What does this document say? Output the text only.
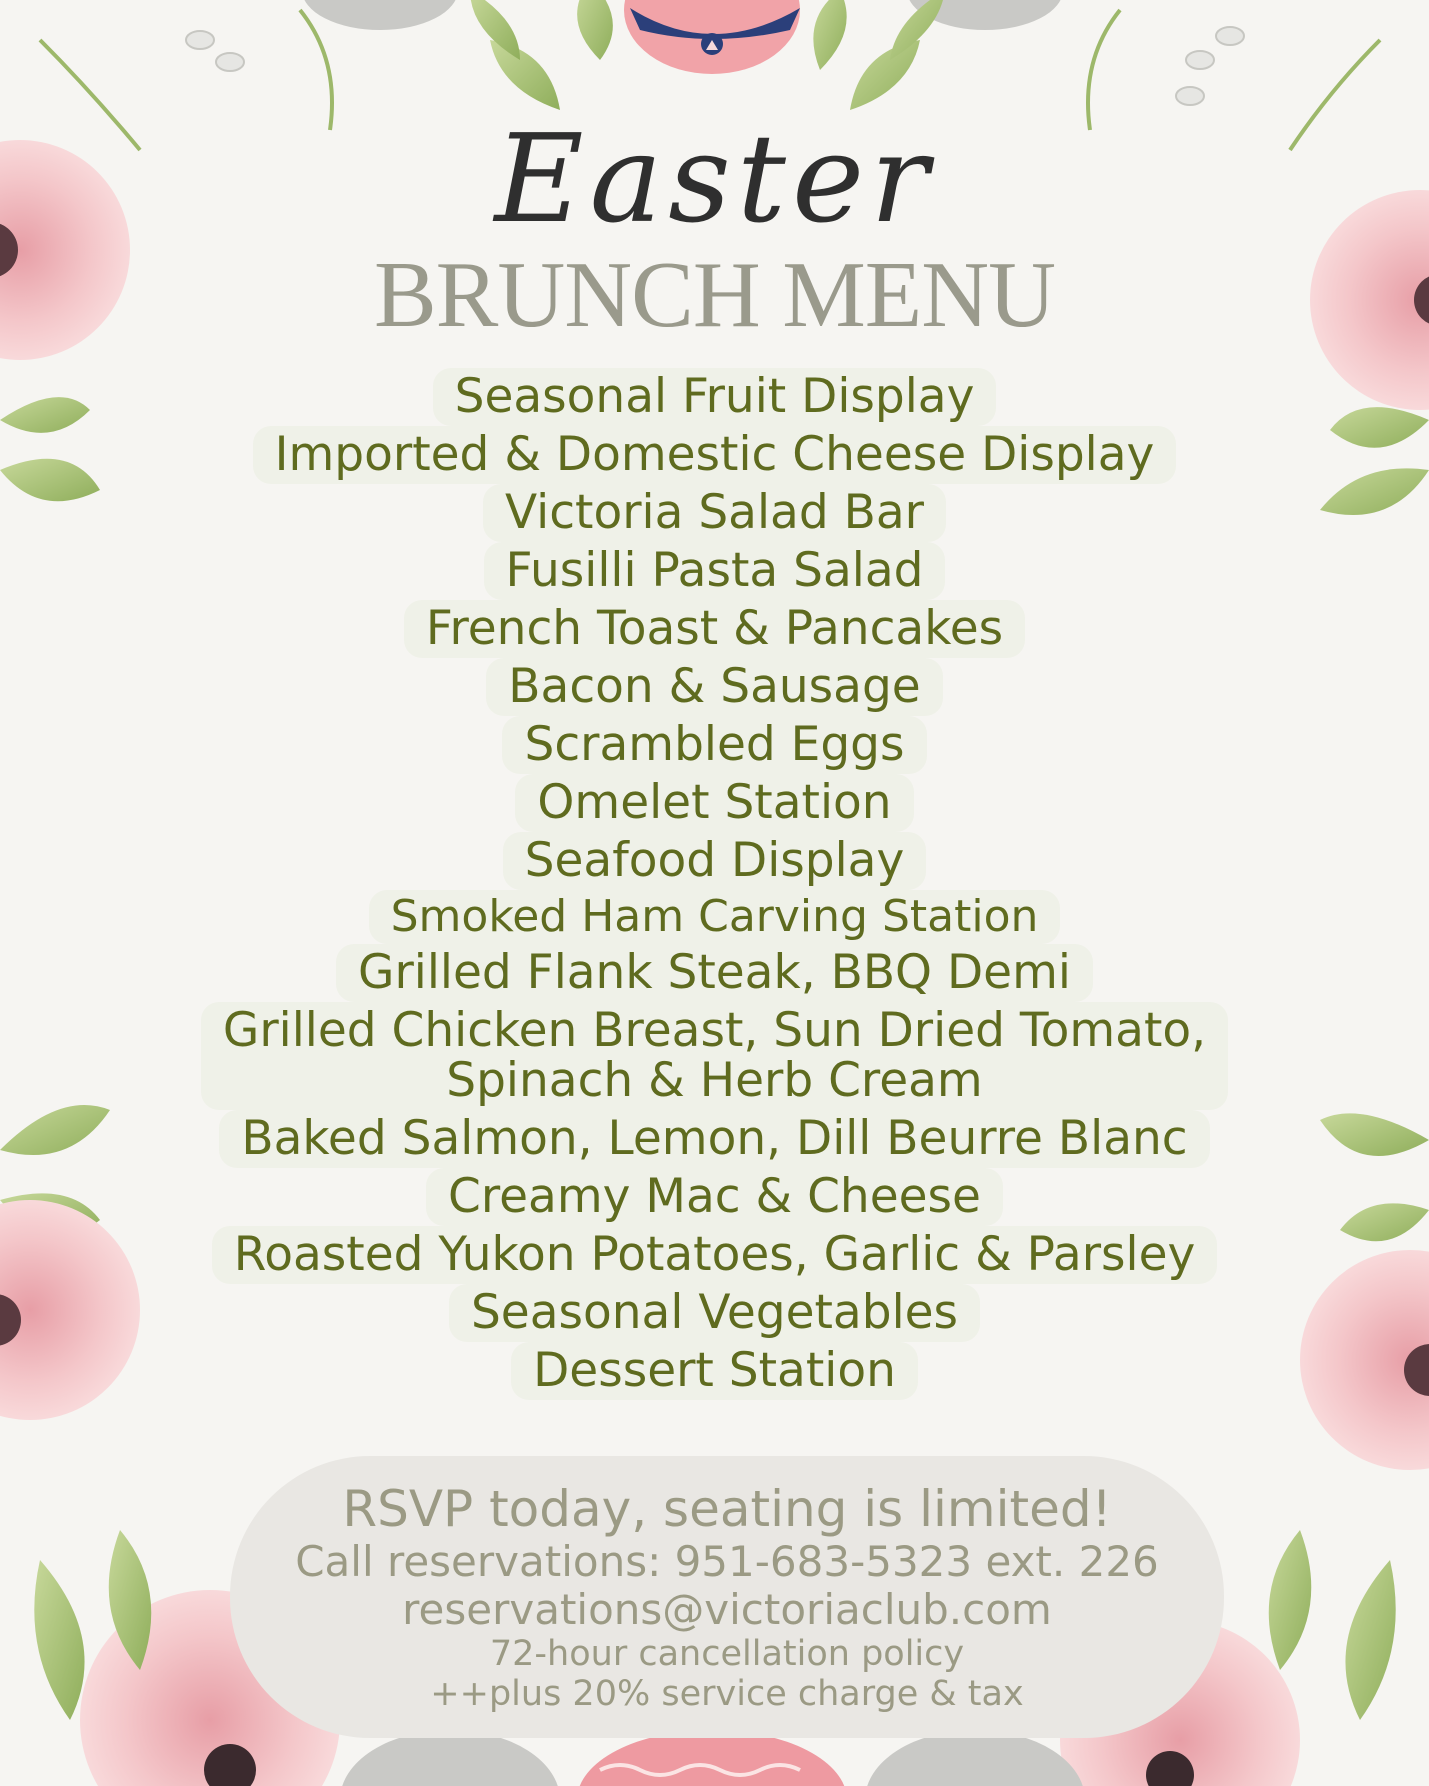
Easter
BRUNCH MENU
Seasonal Fruit Display
Imported & Domestic Cheese Display
Victoria Salad Bar
Fusilli Pasta Salad
French Toast & Pancakes
Bacon & Sausage
Scrambled Eggs
Omelet Station
Seafood Display
Smoked Ham Carving Station
Grilled Flank Steak, BBQ Demi
Grilled Chicken Breast, Sun Dried Tomato,
Spinach & Herb Cream
Baked Salmon, Lemon, Dill Beurre Blanc
Creamy Mac & Cheese
Roasted Yukon Potatoes, Garlic & Parsley
Seasonal Vegetables
Dessert Station
RSVP today, seating is limited!
Call reservations: 951-683-5323 ext. 226
reservations@victoriaclub.com
72-hour cancellation policy
++plus 20% service charge & tax
